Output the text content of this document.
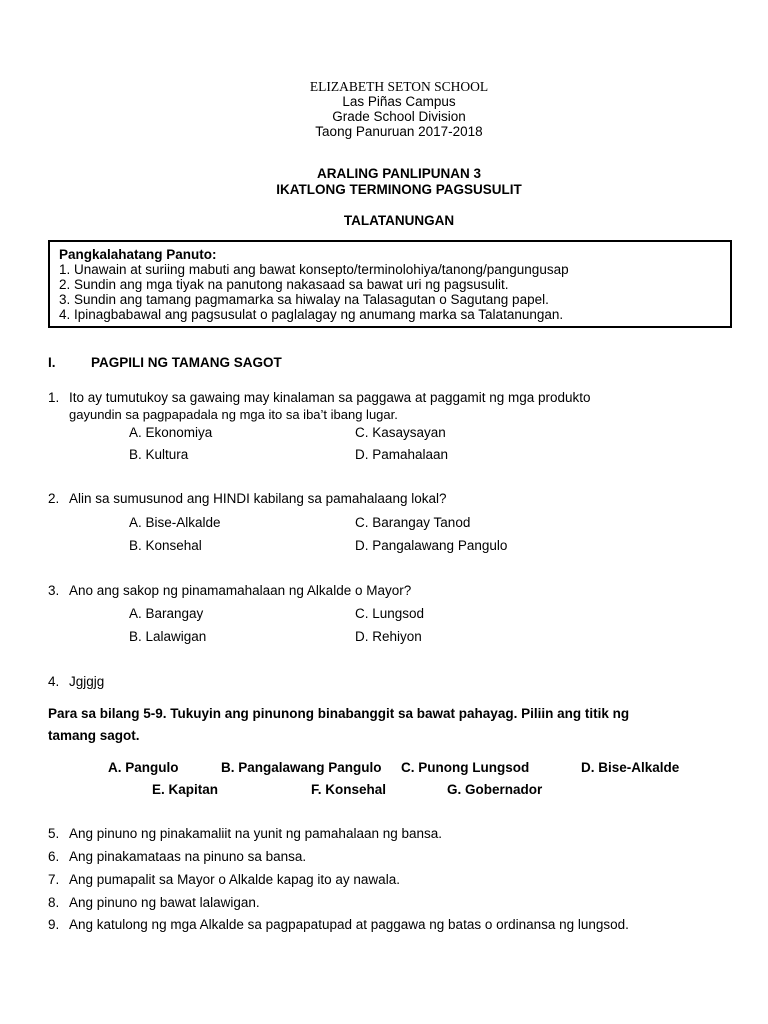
ELIZABETH SETON SCHOOL
Las Piñas Campus
Grade School Division
Taong Panuruan 2017-2018
ARALING PANLIPUNAN 3
IKATLONG TERMINONG PAGSUSULIT
TALATANUNGAN
Pangkalahatang Panuto:
1. Unawain at suriing mabuti ang bawat konsepto/terminolohiya/tanong/pangungusap
2. Sundin ang mga tiyak na panutong nakasaad sa bawat uri ng pagsusulit.
3. Sundin ang tamang pagmamarka sa hiwalay na Talasagutan o Sagutang papel.
4. Ipinagbabawal ang pagsusulat o paglalagay ng anumang marka sa Talatanungan.
I.	PAGPILI NG TAMANG SAGOT
1. Ito ay tumutukoy sa gawaing may kinalaman sa paggawa at paggamit ng mga produkto
gayundin sa pagpapadala ng mga ito sa iba’t ibang lugar.
A. Ekonomiya	C. Kasaysayan
B. Kultura	D. Pamahalaan
2. Alin sa sumusunod ang HINDI kabilang sa pamahalaang lokal?
A. Bise-Alkalde	C. Barangay Tanod
B. Konsehal	D. Pangalawang Pangulo
3. Ano ang sakop ng pinamamahalaan ng Alkalde o Mayor?
A. Barangay	C. Lungsod
B. Lalawigan	D. Rehiyon
4. Jgjgjg
Para sa bilang 5-9. Tukuyin ang pinunong binabanggit sa bawat pahayag. Piliin ang titik ng
tamang sagot.
A. Pangulo	B. Pangalawang Pangulo C. Punong Lungsod	D. Bise-Alkalde
E. Kapitan	F. Konsehal	G. Gobernador
5. Ang pinuno ng pinakamaliit na yunit ng pamahalaan ng bansa.
6. Ang pinakamataas na pinuno sa bansa.
7. Ang pumapalit sa Mayor o Alkalde kapag ito ay nawala.
8. Ang pinuno ng bawat lalawigan.
9. Ang katulong ng mga Alkalde sa pagpapatupad at paggawa ng batas o ordinansa ng lungsod.
